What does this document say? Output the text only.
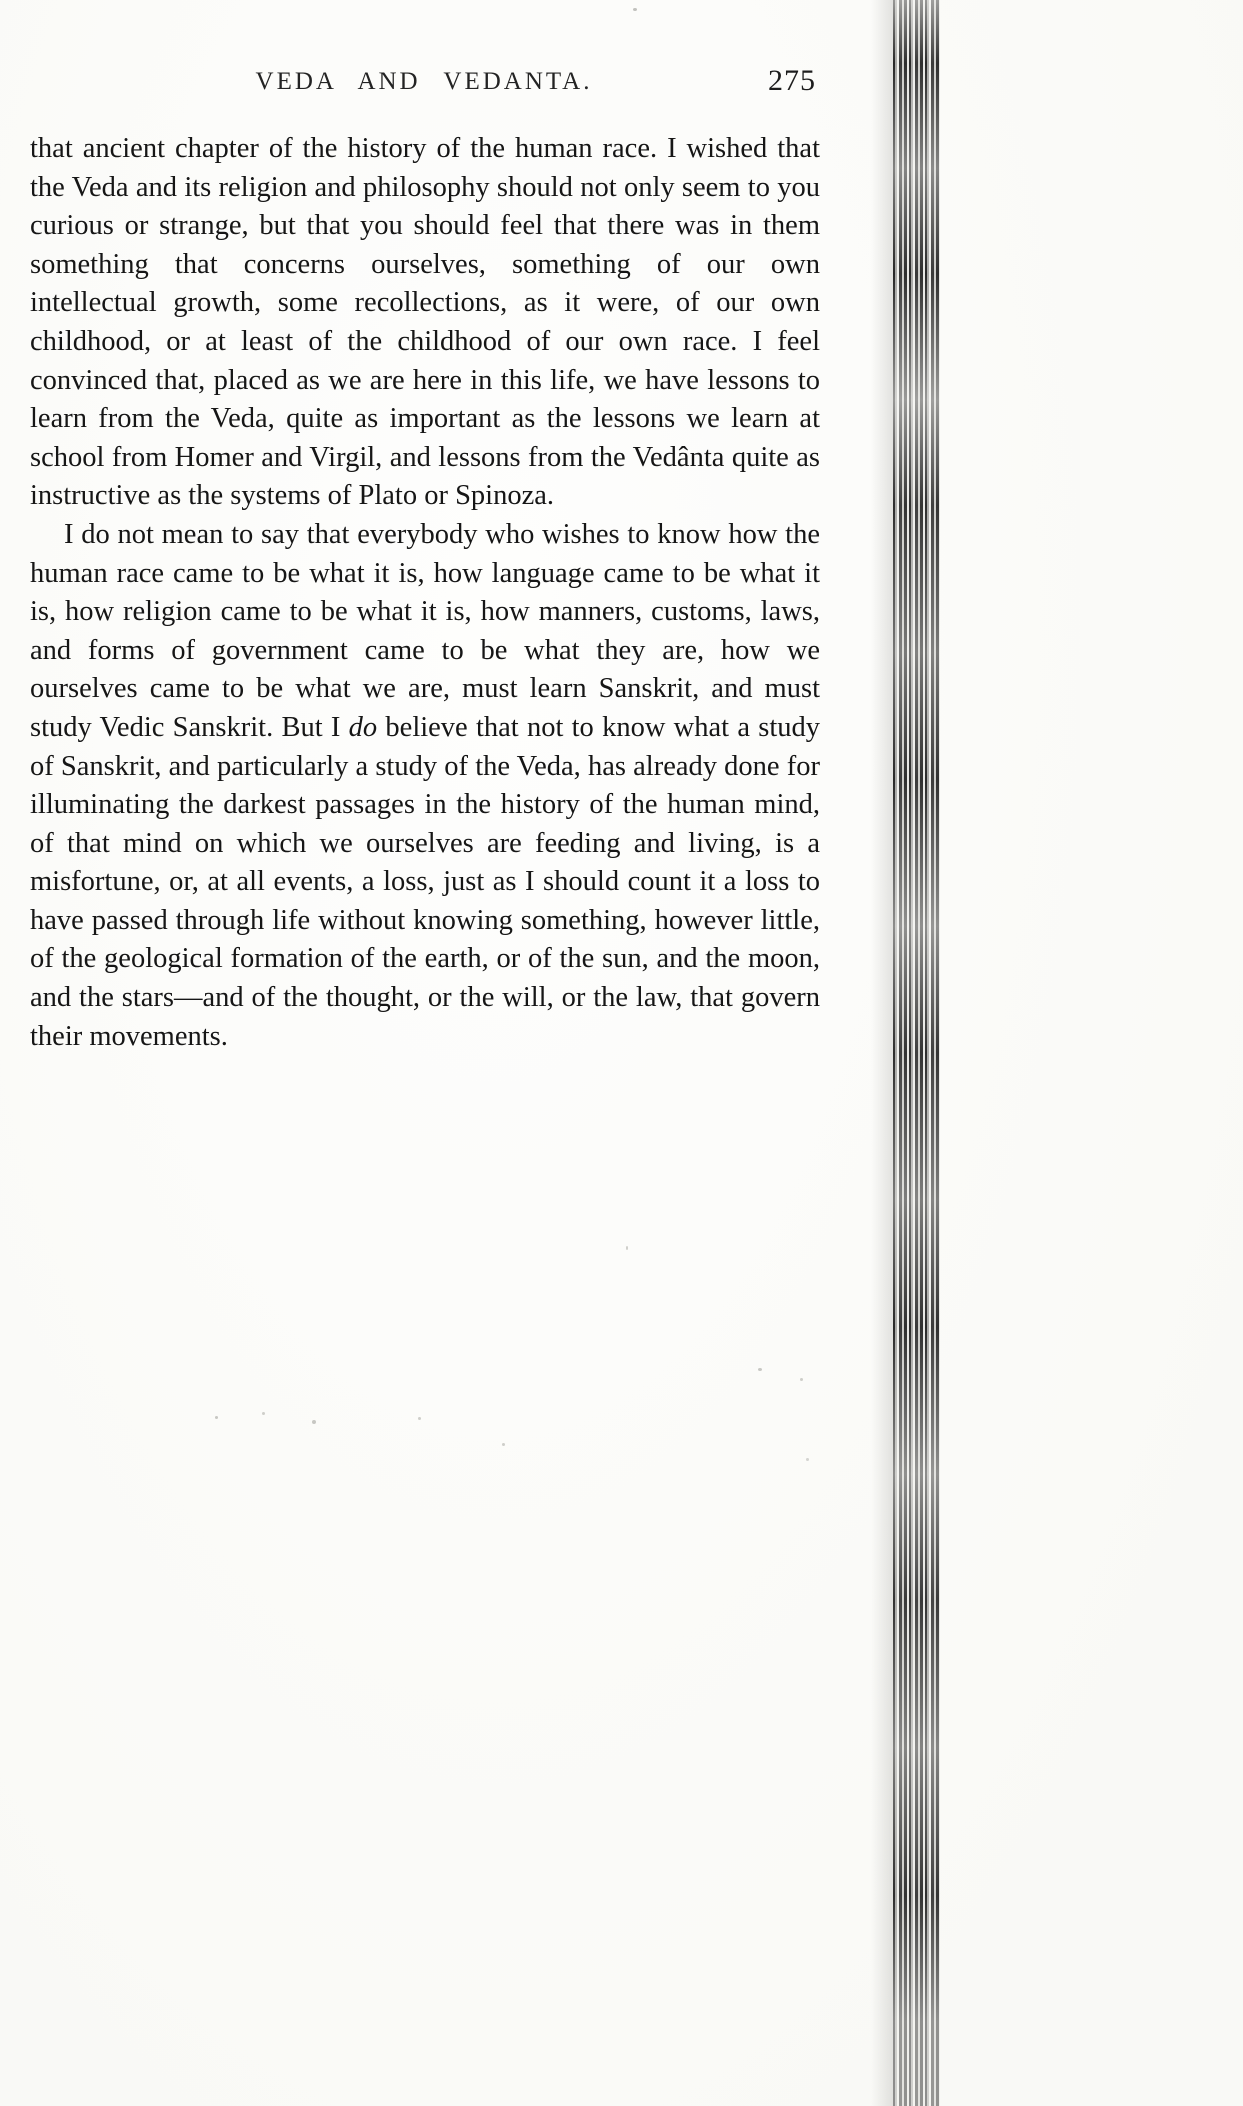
VEDA AND VEDANTA.	275

that ancient chapter of the history of the human race. I wished that the Veda and its religion and philosophy should not only seem to you curious or strange, but that you should feel that there was in them something that concerns ourselves, something of our own intellectual growth, some recollections, as it were, of our own childhood, or at least of the childhood of our own race. I feel convinced that, placed as we are here in this life, we have lessons to learn from the Veda, quite as important as the lessons we learn at school from Homer and Virgil, and lessons from the Vedânta quite as instructive as the systems of Plato or Spinoza.

I do not mean to say that everybody who wishes to know how the human race came to be what it is, how language came to be what it is, how religion came to be what it is, how manners, customs, laws, and forms of government came to be what they are, how we ourselves came to be what we are, must learn Sanskrit, and must study Vedic Sanskrit. But I do believe that not to know what a study of Sanskrit, and particularly a study of the Veda, has already done for illuminating the darkest passages in the history of the human mind, of that mind on which we ourselves are feeding and living, is a misfortune, or, at all events, a loss, just as I should count it a loss to have passed through life without knowing something, however little, of the geological formation of the earth, or of the sun, and the moon, and the stars—and of the thought, or the will, or the law, that govern their movements.
